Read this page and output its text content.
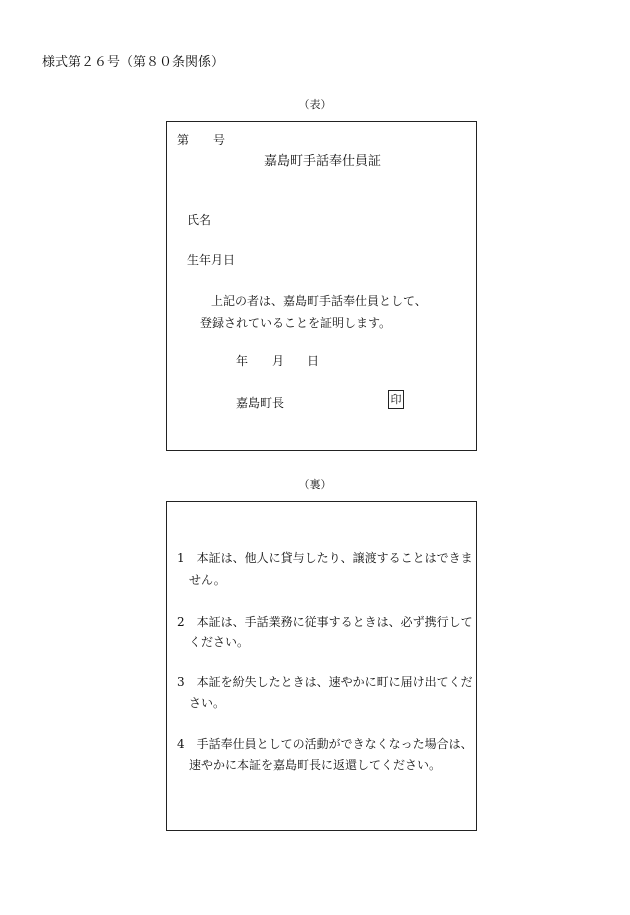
様式第２６号（第８０条関係）
（表）
第 号
嘉島町手話奉仕員証
氏名
生年月日
上記の者は、嘉島町手話奉仕員として、
登録されていることを証明します。
年 月 日
嘉島町長	印
（裏）
1　本証は、他人に貸与したり、譲渡することはできま
せん。
2　本証は、手話業務に従事するときは、必ず携行して
ください。
3　本証を紛失したときは、速やかに町に届け出てくだ
さい。
4　手話奉仕員としての活動ができなくなった場合は、
速やかに本証を嘉島町長に返還してください。
